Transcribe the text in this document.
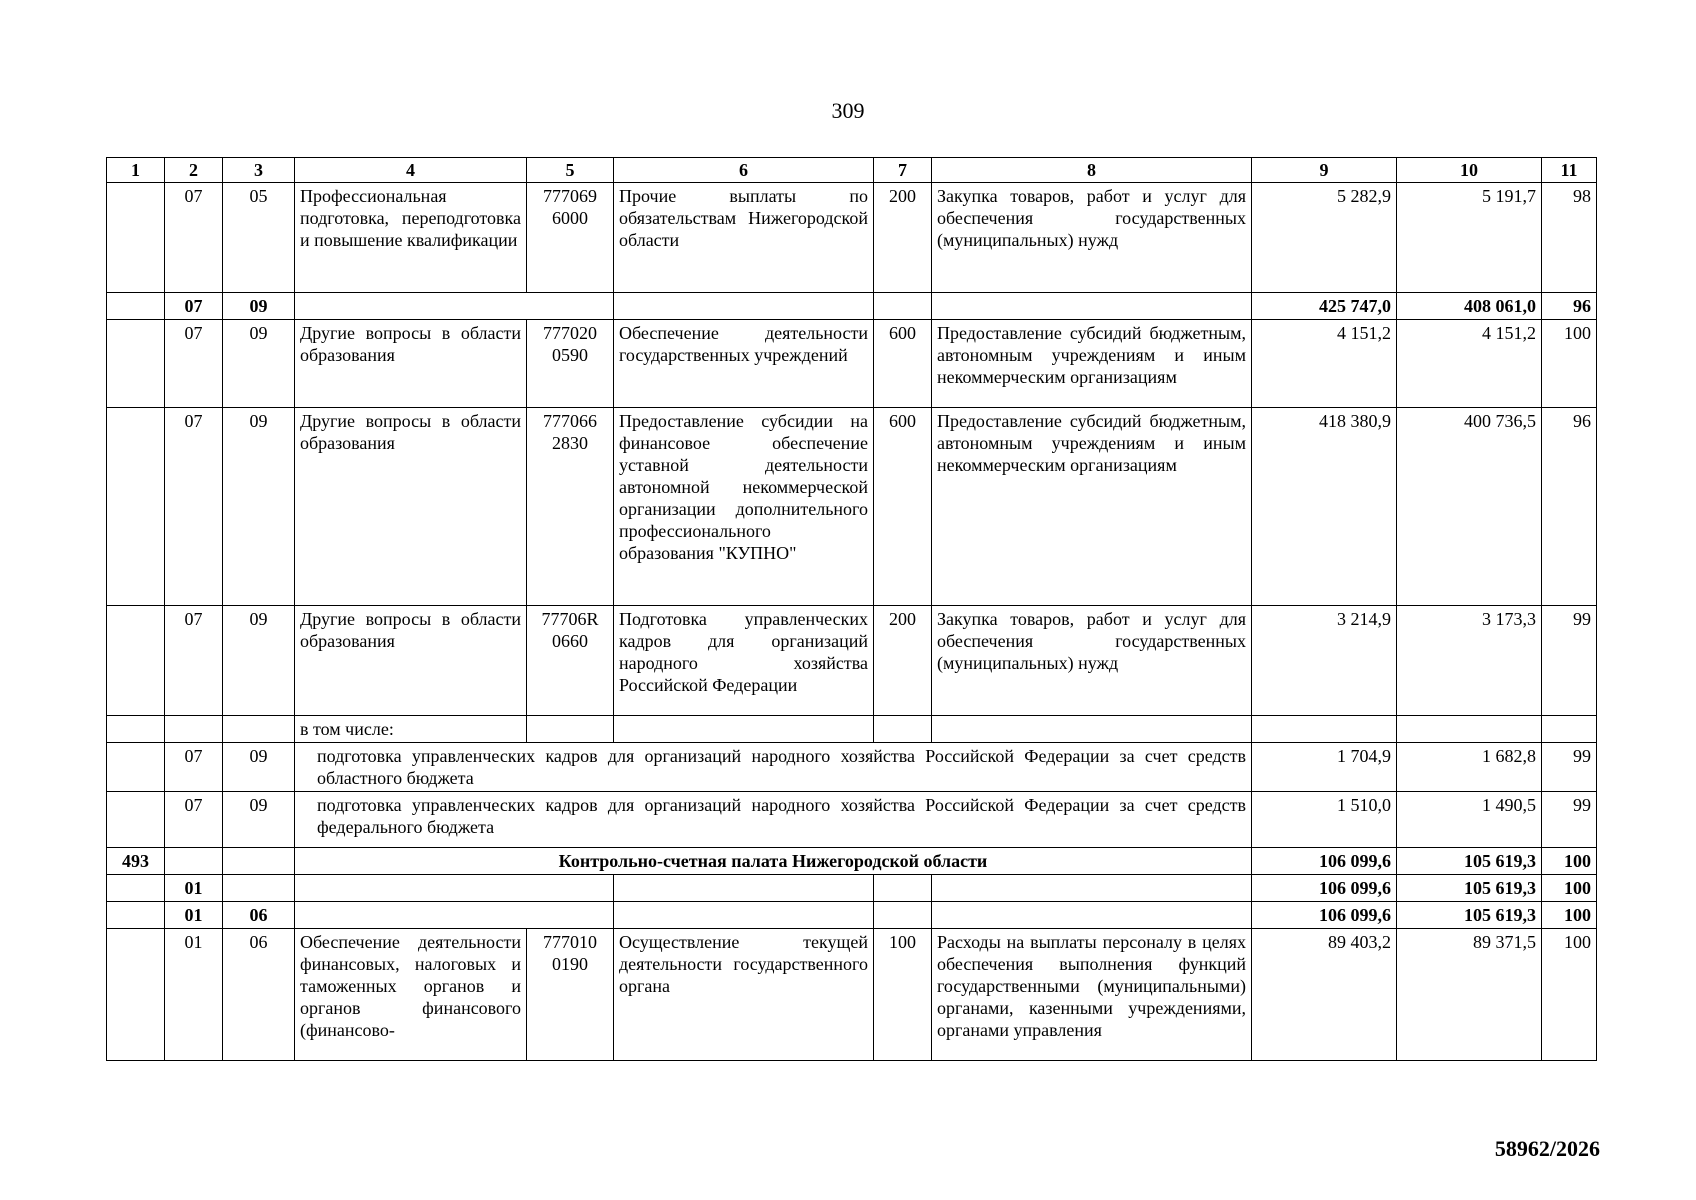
309
1	2	3	4	5	6	7	8	9	10	11
	07	05	Профессиональная подготовка, переподготовка и повышение квалификации	777069 6000	Прочие выплаты по обязательствам Нижегородской области	200	Закупка товаров, работ и услуг для обеспечения государственных (муниципальных) нужд	5 282,9	5 191,7	98
	07	09						425 747,0	408 061,0	96
	07	09	Другие вопросы в области образования	777020 0590	Обеспечение деятельности государственных учреждений	600	Предоставление субсидий бюджетным, автономным учреждениям и иным некоммерческим организациям	4 151,2	4 151,2	100
	07	09	Другие вопросы в области образования	777066 2830	Предоставление субсидии на финансовое обеспечение уставной деятельности автономной некоммерческой организации дополнительного профессионального образования "КУПНО"	600	Предоставление субсидий бюджетным, автономным учреждениям и иным некоммерческим организациям	418 380,9	400 736,5	96
	07	09	Другие вопросы в области образования	77706R 0660	Подготовка управленческих кадров для организаций народного хозяйства Российской Федерации	200	Закупка товаров, работ и услуг для обеспечения государственных (муниципальных) нужд	3 214,9	3 173,3	99
			в том числе:							
	07	09	подготовка управленческих кадров для организаций народного хозяйства Российской Федерации за счет средств областного бюджета					1 704,9	1 682,8	99
	07	09	подготовка управленческих кадров для организаций народного хозяйства Российской Федерации за счет средств федерального бюджета					1 510,0	1 490,5	99
493			Контрольно-счетная палата Нижегородской области					106 099,6	105 619,3	100
	01							106 099,6	105 619,3	100
	01	06						106 099,6	105 619,3	100
	01	06	Обеспечение деятельности финансовых, налоговых и таможенных органов и органов финансового (финансово-	777010 0190	Осуществление текущей деятельности государственного органа	100	Расходы на выплаты персоналу в целях обеспечения выполнения функций государственными (муниципальными) органами, казенными учреждениями, органами управления	89 403,2	89 371,5	100
58962/2026
